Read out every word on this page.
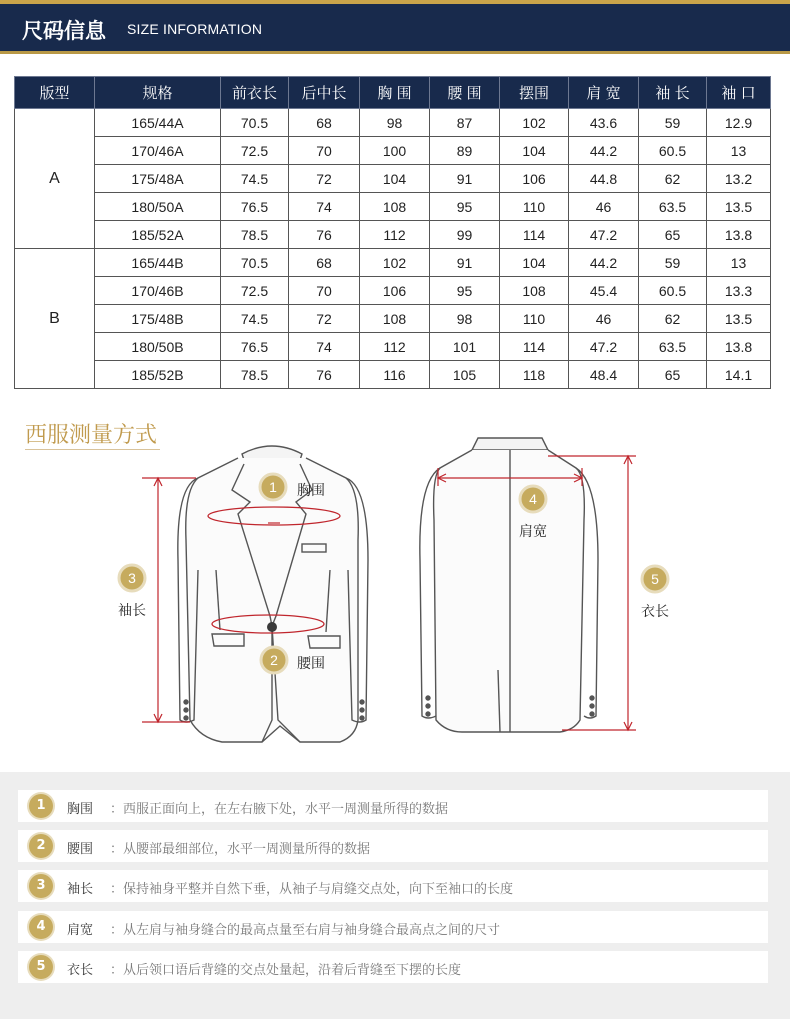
尺码信息 SIZE INFORMATION
版型	规格	前衣长	后中长	胸 围	腰 围	摆围	肩 宽	袖 长	袖 口
A	165/44A	70.5	68	98	87	102	43.6	59	12.9
	170/46A	72.5	70	100	89	104	44.2	60.5	13
	175/48A	74.5	72	104	91	106	44.8	62	13.2
	180/50A	76.5	74	108	95	110	46	63.5	13.5
	185/52A	78.5	76	112	99	114	47.2	65	13.8
B	165/44B	70.5	68	102	91	104	44.2	59	13
	170/46B	72.5	70	106	95	108	45.4	60.5	13.3
	175/48B	74.5	72	108	98	110	46	62	13.5
	180/50B	76.5	74	112	101	114	47.2	63.5	13.8
	185/52B	78.5	76	116	105	118	48.4	65	14.1
西服测量方式
1
2
3
4
5
胸围
腰围
袖长
肩宽
衣长
1	胸围 ：西服正面向上，在左右腋下处，水平一周测量所得的数据
2	腰围 ：从腰部最细部位，水平一周测量所得的数据
3	袖长 ：保持袖身平整并自然下垂，从袖子与肩缝交点处，向下至袖口的长度
4	肩宽 ：从左肩与袖身缝合的最高点量至右肩与袖身缝合最高点之间的尺寸
5	衣长 ：从后领口语后背缝的交点处量起，沿着后背缝至下摆的长度
